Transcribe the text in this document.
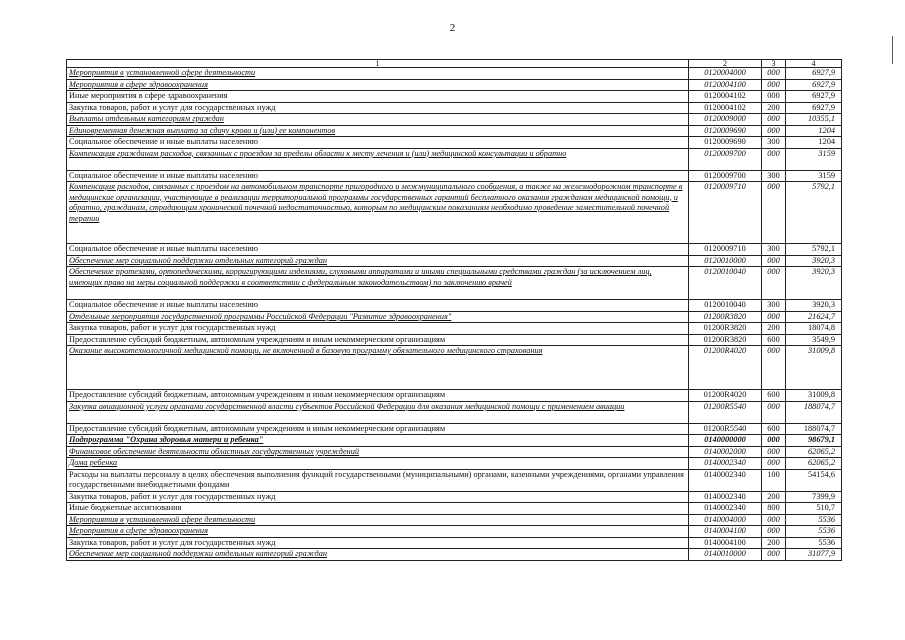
2
1	2	3	4
Мероприятия в установленной сфере деятельности	0120004000	000	6927,9
Мероприятия в сфере здравоохранения	0120004100	000	6927,9
Иные мероприятия в сфере здравоохранения	0120004102	000	6927,9
Закупка товаров, работ и услуг для государственных нужд	0120004102	200	6927,9
Выплаты отдельным категориям граждан	0120009000	000	10355,1
Единовременная денежная выплата за сдачу крови и (или) ее компонентов	0120009690	000	1204
Социальное обеспечение и иные выплаты населению	0120009690	300	1204
Компенсация гражданам расходов, связанных с проездом за пределы области к месту лечения и (или) медицинской консультации и обратно	0120009700	000	3159
Социальное обеспечение и иные выплаты населению	0120009700	300	3159
Компенсация расходов, связанных с проездом на автомобильном транспорте пригородного и межмуниципального сообщения, а также на железнодорожном транспорте в медицинские организации, участвующие в реализации территориальной программы государственных гарантий бесплатного оказания гражданам медицинской помощи, и обратно, гражданам, страдающим хронической почечной недостаточностью, которым по медицинским показаниям необходимо проведение заместительной почечной терапии	0120009710	000	5792,1
Социальное обеспечение и иные выплаты населению	0120009710	300	5792,1
Обеспечение мер социальной поддержки отдельных категорий граждан	0120010000	000	3920,3
Обеспечение протезами, ортопедическими, корригирующими изделиями, слуховыми аппаратами и иными специальными средствами граждан (за исключением лиц, имеющих право на меры социальной поддержки в соответствии с федеральным законодательством) по заключению врачей	0120010040	000	3920,3
Социальное обеспечение и иные выплаты населению	0120010040	300	3920,3
Отдельные мероприятия государственной программы Российской Федерации "Развитие здравоохранения"	01200R3820	000	21624,7
Закупка товаров, работ и услуг для государственных нужд	01200R3820	200	18074,8
Предоставление субсидий бюджетным, автономным учреждениям и иным некоммерческим организациям	01200R3820	600	3549,9
Оказание высокотехнологичной медицинской помощи, не включенной в базовую программу обязательного медицинского страхования	01200R4020	000	31009,8
Предоставление субсидий бюджетным, автономным учреждениям и иным некоммерческим организациям	01200R4020	600	31009,8
Закупка авиационной услуги органами государственной власти субъектов Российской Федерации для оказания медицинской помощи с применением авиации	01200R5540	000	188074,7
Предоставление субсидий бюджетным, автономным учреждениям и иным некоммерческим организациям	01200R5540	600	188074,7
Подпрограмма "Охрана здоровья матери и ребенка"	0140000000	000	98679,1
Финансовое обеспечение деятельности областных государственных учреждений	0140002000	000	62065,2
Дома ребенка	0140002340	000	62065,2
Расходы на выплаты персоналу в целях обеспечения выполнения функций государственными (муниципальными) органами, казенными учреждениями, органами управления государственными внебюджетными фондами	0140002340	100	54154,6
Закупка товаров, работ и услуг для государственных нужд	0140002340	200	7399,9
Иные бюджетные ассигнования	0140002340	800	510,7
Мероприятия в установленной сфере деятельности	0140004000	000	5536
Мероприятия в сфере здравоохранения	0140004100	000	5536
Закупка товаров, работ и услуг для государственных нужд	0140004100	200	5536
Обеспечение мер социальной поддержки отдельных категорий граждан	0140010000	000	31077,9
